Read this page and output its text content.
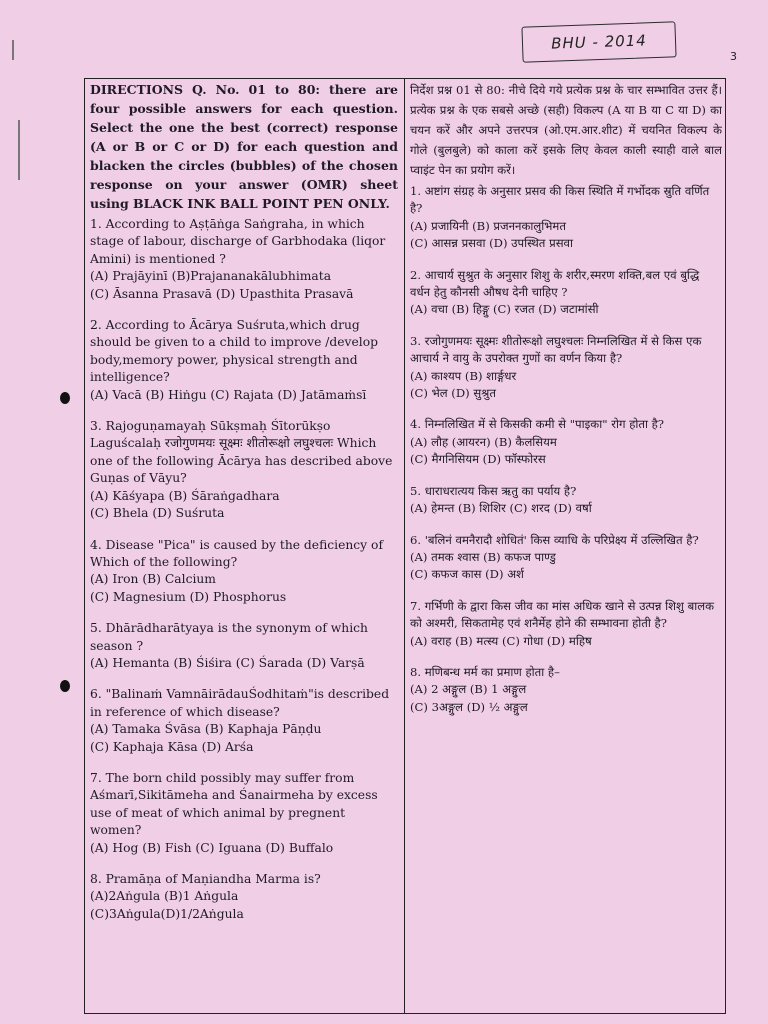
BHU - 2014
3

DIRECTIONS Q. No. 01 to 80: there are four possible answers for each question. Select the one the best (correct) response (A or B or C or D) for each question and blacken the circles (bubbles) of the chosen response on your answer (OMR) sheet using BLACK INK BALL POINT PEN ONLY.

1. According to Aṣṭāṅga Saṅgraha, in which stage of labour, discharge of Garbhodaka (liqor Amini) is mentioned ?

(A) Prajāyinī (B)Prajananakālubhimata

(C) Āsanna Prasavā (D) Upasthita Prasavā

2. According to Ācārya Suśruta,which drug should be given to a child to improve /develop body,memory power, physical strength and intelligence?

(A) Vacā (B) Hiṅgu (C) Rajata (D) Jatāmaṁsī

3. Rajoguṇamayaḥ Sūkṣmaḥ Śītorūkṣo Laguścalaḥ रजोगुणमयः सूक्ष्मः शीतोरूक्षो लघुश्चलः Which one of the following Ācārya has described above Guṇas of Vāyu?

(A) Kāśyapa (B) Śāraṅgadhara

(C) Bhela (D) Suśruta

4. Disease "Pica" is caused by the deficiency of Which of the following?

(A) Iron (B) Calcium

(C) Magnesium (D) Phosphorus

5. Dhārādharātyaya is the synonym of which season ?

(A) Hemanta (B) Śiśira (C) Śarada (D) Varṣā

6. "Balinaṁ VamnāirādauŚodhitaṁ"is described in reference of which disease?

(A) Tamaka Śvāsa (B) Kaphaja Pāṇḍu

(C) Kaphaja Kāsa (D) Arśa

7. The born child possibly may suffer from Aśmarī,Sikitāmeha and Śanairmeha by excess use of meat of which animal by pregnent women?

(A) Hog (B) Fish (C) Iguana (D) Buffalo

8. Pramāṇa of Maṇiandha Marma is?

(A)2Aṅgula (B)1 Aṅgula

(C)3Aṅgula(D)1/2Aṅgula

निर्देश प्रश्न 01 से 80: नीचे दिये गये प्रत्येक प्रश्न के चार सम्भावित उत्तर हैं। प्रत्येक प्रश्न के एक सबसे अच्छे (सही) विकल्प (A या B या C या D) का चयन करें और अपने उत्तरपत्र (ओ.एम.आर.शीट) में चयनित विकल्प के गोले (बुलबुले) को काला करें इसके लिए केवल काली स्याही वाले बाल प्वाइंट पेन का प्रयोग करें।

1. अष्टांग संग्रह के अनुसार प्रसव की किस स्थिति में गर्भोदक स्रुति वर्णित है?

(A) प्रजायिनी (B) प्रजननकालुभिमत

(C) आसन्न प्रसवा (D) उपस्थित प्रसवा

2. आचार्य सुश्रुत के अनुसार शिशु के शरीर,स्मरण शक्ति,बल एवं बुद्धि वर्धन हेतु कौनसी औषध देनी चाहिए ?

(A) वचा (B) हिङ्गु (C) रजत (D) जटामांसी

3. रजोगुणमयः सूक्ष्मः शीतोरूक्षो लघुश्चलः निम्नलिखित में से किस एक आचार्य ने वायु के उपरोक्त गुणों का वर्णन किया है?

(A) काश्यप (B) शार्ङ्गधर

(C) भेल (D) सुश्रुत

4. निम्नलिखित में से किसकी कमी से "पाइका" रोग होता है?

(A) लौह (आयरन) (B) कैलसियम

(C) मैगनिसियम (D) फॉस्फोरस

5. धाराधरात्यय किस ऋतु का पर्याय है?

(A) हेमन्त (B) शिशिर (C) शरद (D) वर्षा

6. 'बलिनं वमनैरादौ शोधितं' किस व्याधि के परिप्रेक्ष्य में उल्लिखित है?

(A) तमक श्वास (B) कफज पाण्डु

(C) कफज कास (D) अर्श

7. गर्भिणी के द्वारा किस जीव का मांस अधिक खाने से उत्पन्न शिशु बालक को अश्मरी, सिकतामेह एवं शनैर्मेह होने की सम्भावना होती है?

(A) वराह (B) मत्स्य (C) गोधा (D) महिष

8. मणिबन्ध मर्म का प्रमाण होता है–

(A) 2 अङ्गुल (B) 1 अङ्गुल

(C) 3अङ्गुल (D) ½ अङ्गुल
